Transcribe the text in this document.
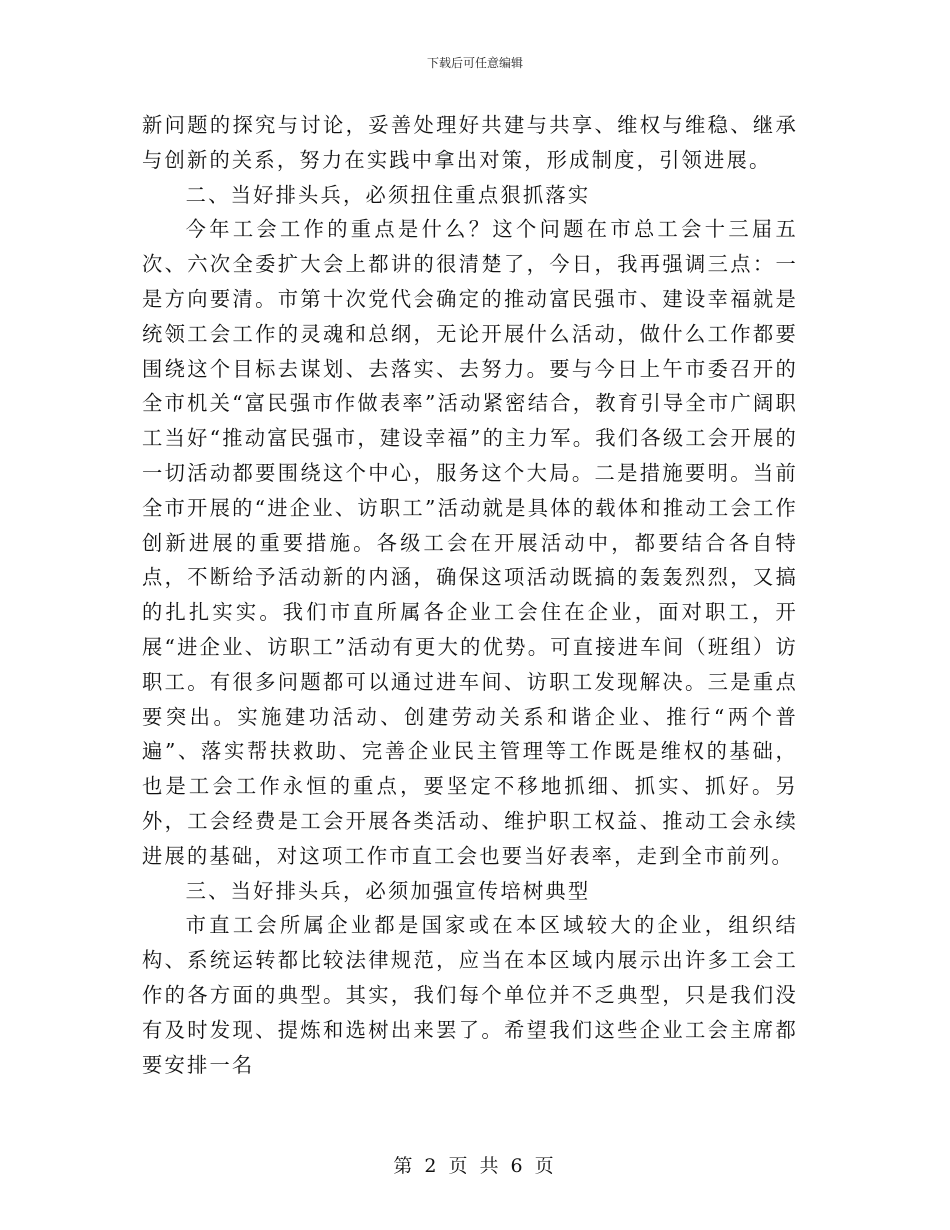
下载后可任意编辑

新问题的探究与讨论，妥善处理好共建与共享、维权与维稳、继承与创新的关系，努力在实践中拿出对策，形成制度，引领进展。

二、当好排头兵，必须扭住重点狠抓落实

今年工会工作的重点是什么？这个问题在市总工会十三届五次、六次全委扩大会上都讲的很清楚了，今日，我再强调三点：一是方向要清。市第十次党代会确定的推动富民强市、建设幸福就是统领工会工作的灵魂和总纲，无论开展什么活动，做什么工作都要围绕这个目标去谋划、去落实、去努力。要与今日上午市委召开的全市机关“富民强市作做表率”活动紧密结合，教育引导全市广阔职工当好“推动富民强市，建设幸福”的主力军。我们各级工会开展的一切活动都要围绕这个中心，服务这个大局。二是措施要明。当前全市开展的“进企业、访职工”活动就是具体的载体和推动工会工作创新进展的重要措施。各级工会在开展活动中，都要结合各自特点，不断给予活动新的内涵，确保这项活动既搞的轰轰烈烈，又搞的扎扎实实。我们市直所属各企业工会住在企业，面对职工，开展“进企业、访职工”活动有更大的优势。可直接进车间（班组）访职工。有很多问题都可以通过进车间、访职工发现解决。三是重点要突出。实施建功活动、创建劳动关系和谐企业、推行“两个普遍”、落实帮扶救助、完善企业民主管理等工作既是维权的基础，也是工会工作永恒的重点，要坚定不移地抓细、抓实、抓好。另外，工会经费是工会开展各类活动、维护职工权益、推动工会永续进展的基础，对这项工作市直工会也要当好表率，走到全市前列。

三、当好排头兵，必须加强宣传培树典型

市直工会所属企业都是国家或在本区域较大的企业，组织结构、系统运转都比较法律规范，应当在本区域内展示出许多工会工作的各方面的典型。其实，我们每个单位并不乏典型，只是我们没有及时发现、提炼和选树出来罢了。希望我们这些企业工会主席都要安排一名

第 2 页 共 6 页
